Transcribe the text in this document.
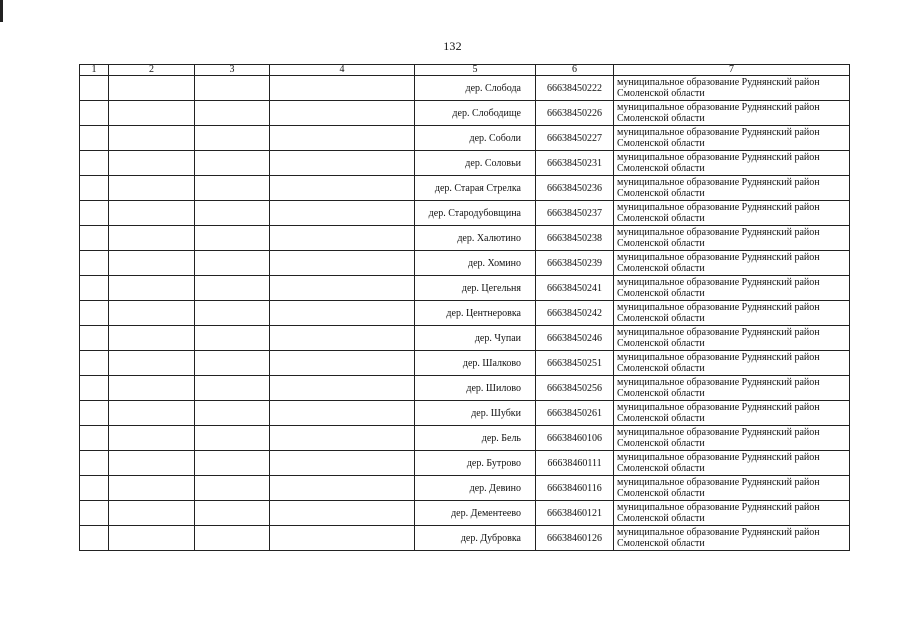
132
1	2	3	4	5	6	7
				дер. Слобода	66638450222	муниципальное образование Руднянский район
Смоленской области

				дер. Слободище	66638450226	муниципальное образование Руднянский район
Смоленской области

				дер. Соболи	66638450227	муниципальное образование Руднянский район
Смоленской области

				дер. Соловьи	66638450231	муниципальное образование Руднянский район
Смоленской области

				дер. Старая Стрелка	66638450236	муниципальное образование Руднянский район
Смоленской области

				дер. Стародубовщина	66638450237	муниципальное образование Руднянский район
Смоленской области

				дер. Халютино	66638450238	муниципальное образование Руднянский район
Смоленской области

				дер. Хомино	66638450239	муниципальное образование Руднянский район
Смоленской области

				дер. Цегельня	66638450241	муниципальное образование Руднянский район
Смоленской области

				дер. Центнеровка	66638450242	муниципальное образование Руднянский район
Смоленской области

				дер. Чупаи	66638450246	муниципальное образование Руднянский район
Смоленской области

				дер. Шалково	66638450251	муниципальное образование Руднянский район
Смоленской области

				дер. Шилово	66638450256	муниципальное образование Руднянский район
Смоленской области

				дер. Шубки	66638450261	муниципальное образование Руднянский район
Смоленской области

				дер. Бель	66638460106	муниципальное образование Руднянский район
Смоленской области

				дер. Бутрово	66638460111	муниципальное образование Руднянский район
Смоленской области

				дер. Девино	66638460116	муниципальное образование Руднянский район
Смоленской области

				дер. Дементеево	66638460121	муниципальное образование Руднянский район
Смоленской области

				дер. Дубровка	66638460126	муниципальное образование Руднянский район
Смоленской области
